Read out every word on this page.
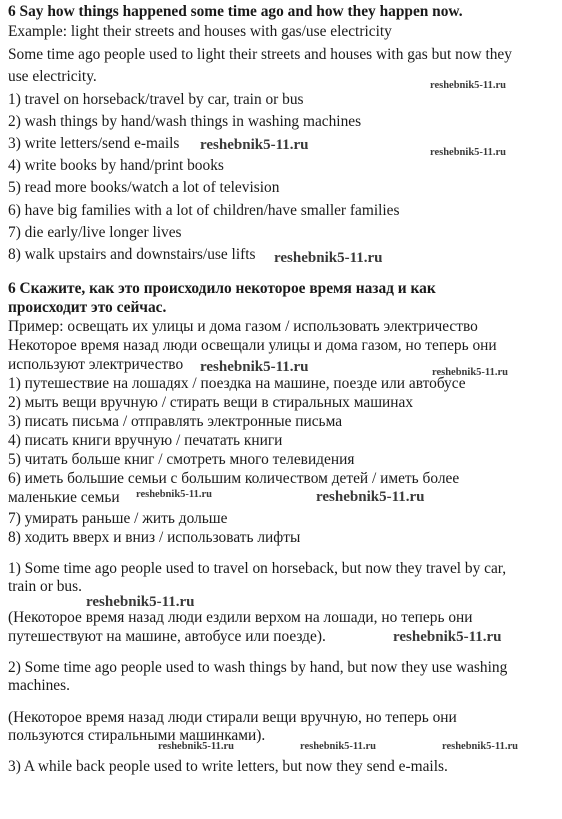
6 Say how things happened some time ago and how they happen now.
Example: light their streets and houses with gas/use electricity
Some time ago people used to light their streets and houses with gas but now they
use electricity.
1) travel on horseback/travel by car, train or bus
2) wash things by hand/wash things in washing machines
3) write letters/send e-mails
4) write books by hand/print books
5) read more books/watch a lot of television
6) have big families with a lot of children/have smaller families
7) die early/live longer lives
8) walk upstairs and downstairs/use lifts
6 Скажите, как это происходило некоторое время назад и как
происходит это сейчас.
Пример: освещать их улицы и дома газом / использовать электричество
Некоторое время назад люди освещали улицы и дома газом, но теперь они
используют электричество
1) путешествие на лошадях / поездка на машине, поезде или автобусе
2) мыть вещи вручную / стирать вещи в стиральных машинах
3) писать письма / отправлять электронные письма
4) писать книги вручную / печатать книги
5) читать больше книг / смотреть много телевидения
6) иметь большие семьи с большим количеством детей / иметь более
маленькие семьи
7) умирать раньше / жить дольше
8) ходить вверх и вниз / использовать лифты
1) Some time ago people used to travel on horseback, but now they travel by car,
train or bus.
(Некоторое время назад люди ездили верхом на лошади, но теперь они
путешествуют на машине, автобусе или поезде).
2) Some time ago people used to wash things by hand, but now they use washing
machines.
(Некоторое время назад люди стирали вещи вручную, но теперь они
пользуются стиральными машинками).
3) A while back people used to write letters, but now they send e-mails.
reshebnik5-11.ru
reshebnik5-11.ru	reshebnik5-11.ru
reshebnik5-11.ru
reshebnik5-11.ru	reshebnik5-11.ru
reshebnik5-11.ru	reshebnik5-11.ru
reshebnik5-11.ru
reshebnik5-11.ru
reshebnik5-11.ru	reshebnik5-11.ru	reshebnik5-11.ru
